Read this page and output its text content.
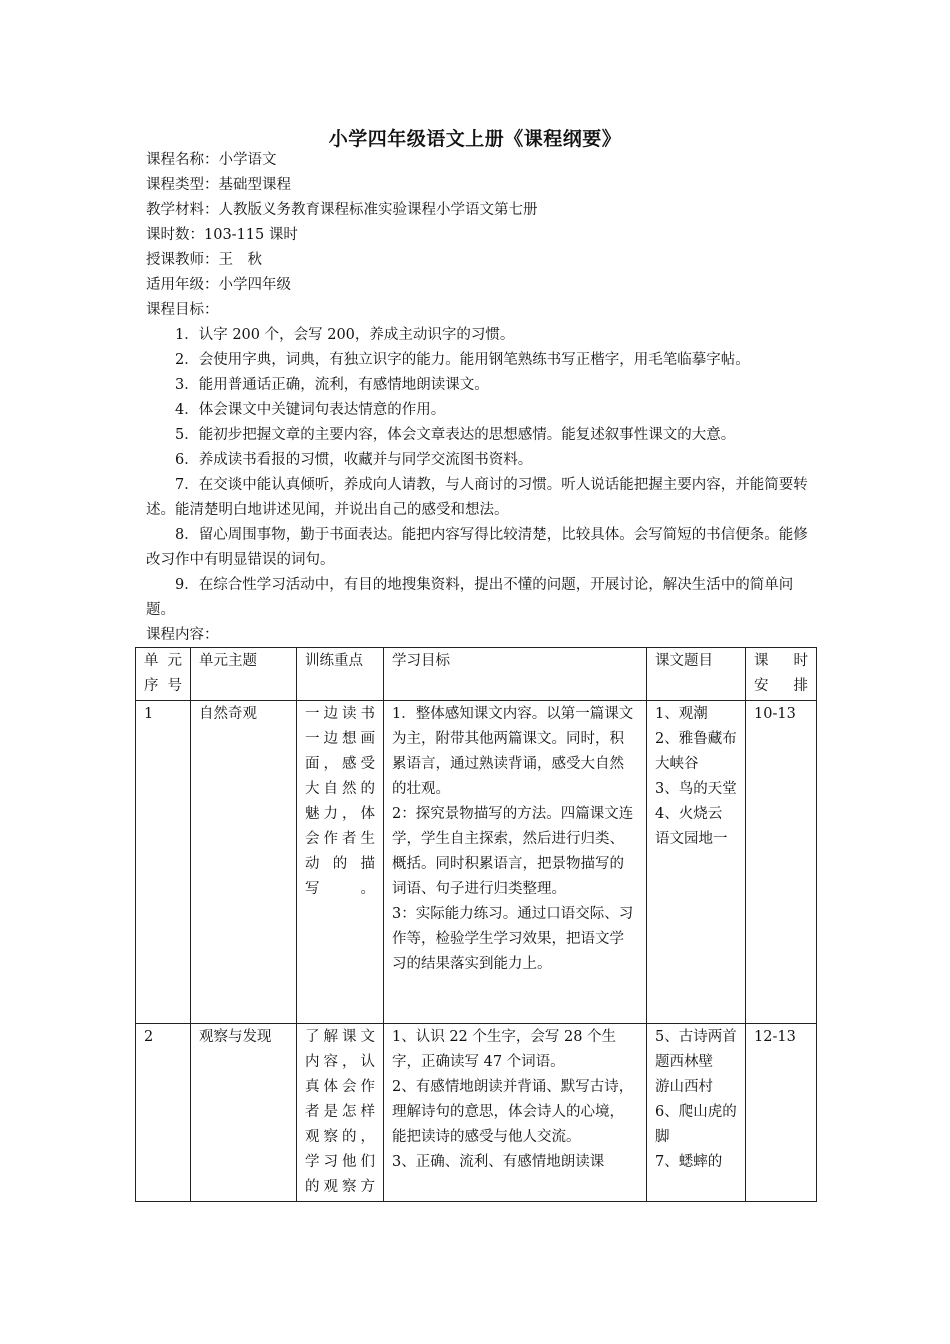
小学四年级语文上册《课程纲要》

课程名称：小学语文

课程类型：基础型课程

教学材料：人教版义务教育课程标准实验课程小学语文第七册

课时数：103-115 课时

授课教师：王　秋

适用年级：小学四年级

课程目标：

1．认字 200 个，会写 200，养成主动识字的习惯。

2．会使用字典，词典，有独立识字的能力。能用钢笔熟练书写正楷字，用毛笔临摹字帖。

3．能用普通话正确，流利，有感情地朗读课文。

4．体会课文中关键词句表达情意的作用。

5．能初步把握文章的主要内容，体会文章表达的思想感情。能复述叙事性课文的大意。

6．养成读书看报的习惯，收藏并与同学交流图书资料。

7．在交谈中能认真倾听，养成向人请教，与人商讨的习惯。听人说话能把握主要内容，并能简要转述。能清楚明白地讲述见闻，并说出自己的感受和想法。

8．留心周围事物，勤于书面表达。能把内容写得比较清楚，比较具体。会写简短的书信便条。能修改习作中有明显错误的词句。

9．在综合性学习活动中，有目的地搜集资料，提出不懂的问题，开展讨论，解决生活中的简单问题。

课程内容：

单元序号	单元主题	训练重点	学习目标	课文题目	课　时安排
1	自然奇观	一边读书一边想画面，感受大自然的魅力，体会作者生动的描写。	1．整体感知课文内容。以第一篇课文为主，附带其他两篇课文。同时，积累语言，通过熟读背诵，感受大自然的壮观。
2：探究景物描写的方法。四篇课文连学，学生自主探索，然后进行归类、概括。同时积累语言，把景物描写的词语、句子进行归类整理。
3：实际能力练习。通过口语交际、习作等，检验学生学习效果，把语文学习的结果落实到能力上。	1、观潮
2、雅鲁藏布大峡谷
3、鸟的天堂
4、火烧云
语文园地一	10-13
2	观察与发现	了解课文内容，认真体会作者是怎样观察的，学习他们的观察方	1、认识 22 个生字，会写 28 个生字，正确读写 47 个词语。
2、有感情地朗读并背诵、默写古诗，理解诗句的意思，体会诗人的心境，能把读诗的感受与他人交流。
3、正确、流利、有感情地朗读课	5、古诗两首题西林壁
游山西村
6、爬山虎的脚
7、蟋蟀的	12-13
